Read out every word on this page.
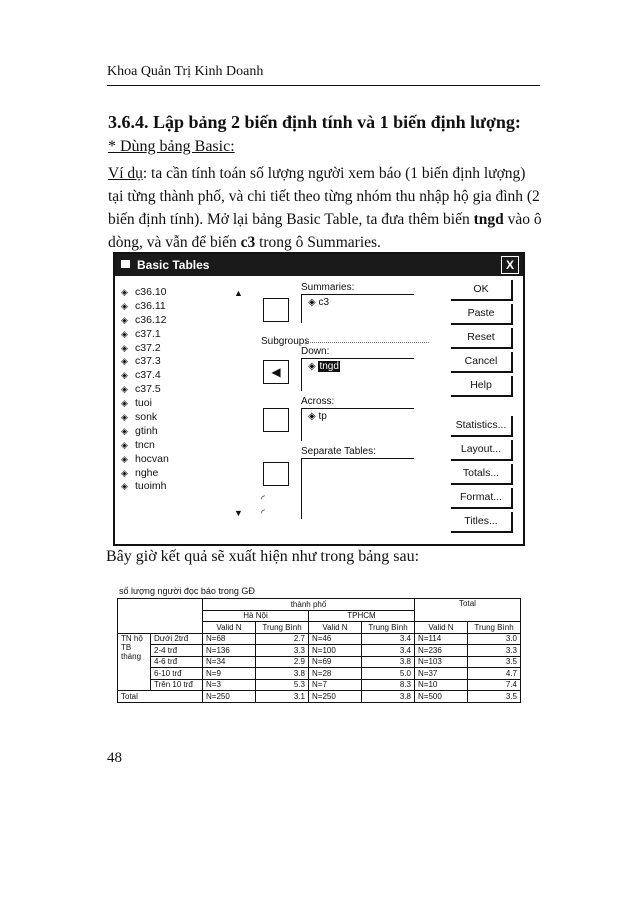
Khoa Quản Trị Kinh Doanh
3.6.4. Lập bảng 2 biến định tính và 1 biến định lượng:
* Dùng bảng Basic:
Ví dụ: ta cần tính toán số lượng người xem báo (1 biến định lượng) tại từng thành phố, và chi tiết theo từng nhóm thu nhập hộ gia đình (2 biến định tính). Mở lại bảng Basic Table, ta đưa thêm biến tngd vào ô dòng, và vẫn để biến c3 trong ô Summaries.
Basic Tables	X
◈ c36.10
◈ c36.11
◈ c36.12
◈ c37.1
◈ c37.2
◈ c37.3
◈ c37.4
◈ c37.5
◈ tuoi
◈ sonk
◈ gtinh
◈ tncn
◈ hocvan
◈ nghe
◈ tuoimh
▲
▼
◀
Summaries:
◈ c3
Subgroups
Down:
◈ tngd
Across:
◈ tp
Separate Tables:
◜
◜
OK
Paste
Reset
Cancel
Help
Statistics...
Layout...
Totals...
Format...
Titles...
Bây giờ kết quả sẽ xuất hiện như trong bảng sau:
số lượng người đọc báo trong GĐ
		thành phố				Total	
		Hà Nội		TPHCM			
		Valid N	Trung Bình	Valid N	Trung Bình	Valid N	Trung Bình

TN hộ
TB
tháng	Dưới 2trđ	N=68	2.7	N=46	3.4	N=114	3.0
	2-4 trđ	N=136	3.3	N=100	3.4	N=236	3.3
	4-6 trđ	N=34	2.9	N=69	3.8	N=103	3.5
	6-10 trđ	N=9	3.8	N=28	5.0	N=37	4.7
	Trên 10 trđ	N=3	5.3	N=7	8.3	N=10	7.4
Total		N=250	3.1	N=250	3.8	N=500	3.5
48
